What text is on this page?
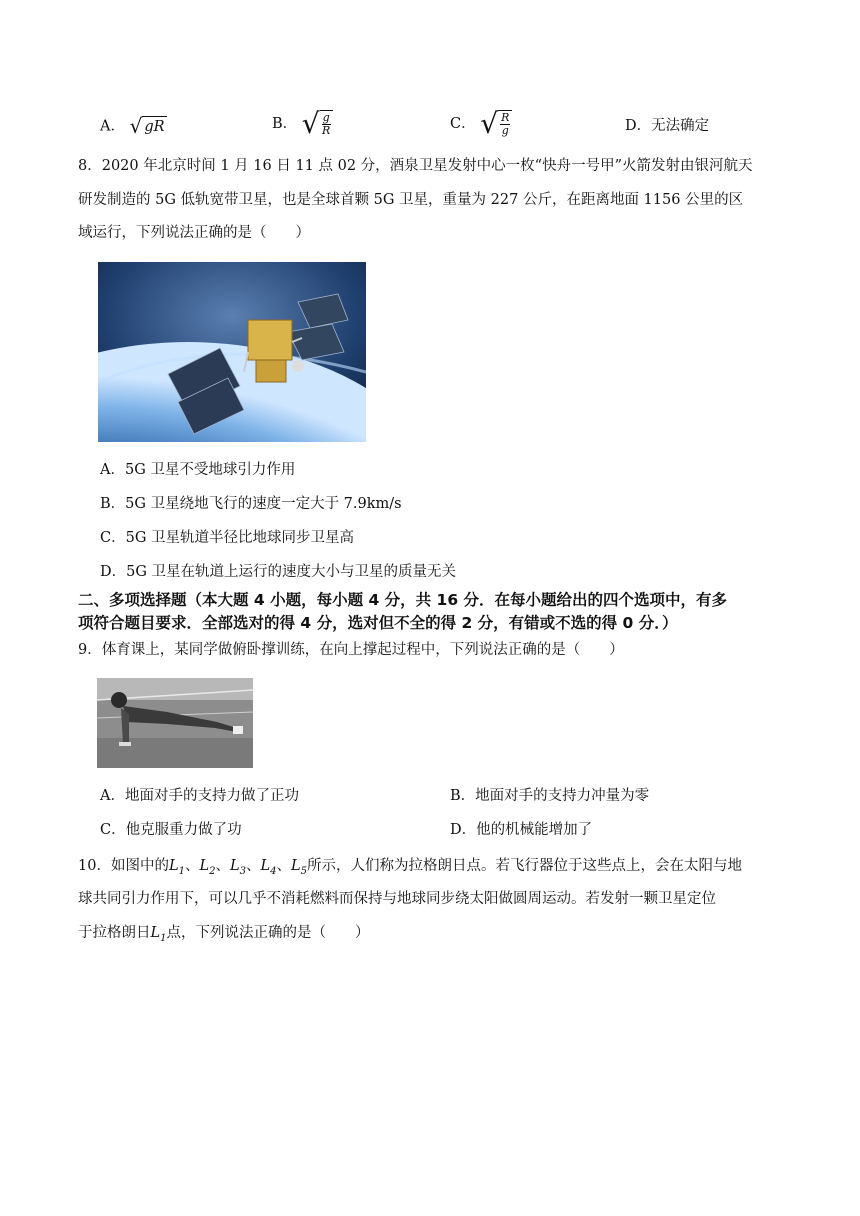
A． √ gR	B． √ $\frac{g}{R}$	C． √ $\frac{R}{g}$	D．无法确定
8．2020 年北京时间 1 月 16 日 11 点 02 分，酒泉卫星发射中心一枚“快舟一号甲”火箭发射由银河航天
研发制造的 5G 低轨宽带卫星，也是全球首颗 5G 卫星，重量为 227 公斤，在距离地面 1156 公里的区
域运行，下列说法正确的是（　　）
A．5G 卫星不受地球引力作用
B．5G 卫星绕地飞行的速度一定大于 7.9km/s
C．5G 卫星轨道半径比地球同步卫星高
D．5G 卫星在轨道上运行的速度大小与卫星的质量无关
二、多项选择题（本大题 4 小题，每小题 4 分，共 16 分．在每小题给出的四个选项中，有多
项符合题目要求．全部选对的得 4 分，选对但不全的得 2 分，有错或不选的得 0 分．）
9．体育课上，某同学做俯卧撑训练，在向上撑起过程中，下列说法正确的是（　　）
A．地面对手的支持力做了正功	B．地面对手的支持力冲量为零
C．他克服重力做了功	D．他的机械能增加了
10．如图中的$L_1$、$L_2$、$L_3$、$L_4$、$L_5$所示，人们称为拉格朗日点。若飞行器位于这些点上，会在太阳与地
球共同引力作用下，可以几乎不消耗燃料而保持与地球同步绕太阳做圆周运动。若发射一颗卫星定位
于拉格朗日$L_1$点，下列说法正确的是（　　）
